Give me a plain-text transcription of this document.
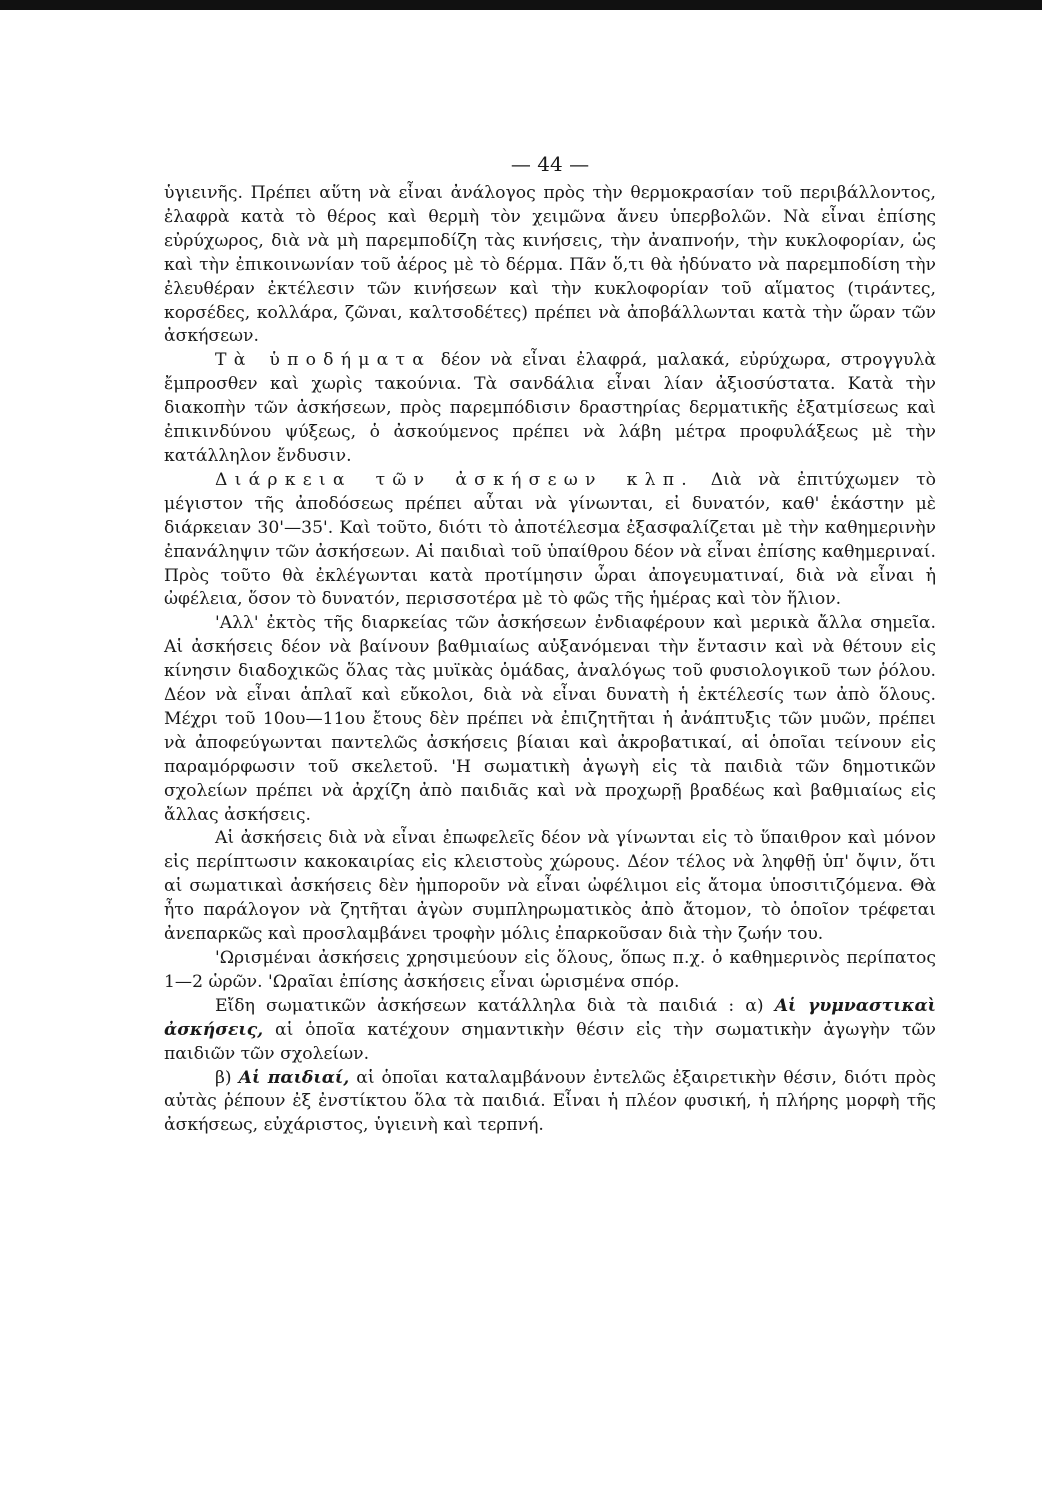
— 44 —

ὑγιεινῆς. Πρέπει αὕτη νὰ εἶναι ἀνάλογος πρὸς τὴν θερμοκρασίαν τοῦ περιβάλλοντος, ἐλαφρὰ κατὰ τὸ θέρος καὶ θερμὴ τὸν χειμῶνα ἄνευ ὑπερβολῶν. Νὰ εἶναι ἐπίσης εὐρύχωρος, διὰ νὰ μὴ παρεμποδίζη τὰς κινήσεις, τὴν ἀναπνοήν, τὴν κυκλοφορίαν, ὡς καὶ τὴν ἐπικοινωνίαν τοῦ ἀέρος μὲ τὸ δέρμα. Πᾶν ὅ,τι θὰ ἠδύνατο νὰ παρεμποδίση τὴν ἐλευθέραν ἐκτέλεσιν τῶν κινήσεων καὶ τὴν κυκλοφορίαν τοῦ αἵματος (τιράντες, κορσέδες, κολλάρα, ζῶναι, καλτσοδέτες) πρέπει νὰ ἀποβάλλωνται κατὰ τὴν ὥραν τῶν ἀσκήσεων.

Τὰ ὑποδήματα δέον νὰ εἶναι ἐλαφρά, μαλακά, εὐρύχωρα, στρογγυλὰ ἔμπροσθεν καὶ χωρὶς τακούνια. Τὰ σανδάλια εἶναι λίαν ἀξιοσύστατα. Κατὰ τὴν διακοπὴν τῶν ἀσκήσεων, πρὸς παρεμπόδισιν δραστηρίας δερματικῆς ἐξατμίσεως καὶ ἐπικινδύνου ψύξεως, ὁ ἀσκούμενος πρέπει νὰ λάβη μέτρα προφυλάξεως μὲ τὴν κατάλληλον ἔνδυσιν.

Διάρκεια τῶν ἀσκήσεων κλπ. Διὰ νὰ ἐπιτύχωμεν τὸ μέγιστον τῆς ἀποδόσεως πρέπει αὗται νὰ γίνωνται, εἰ δυνατόν, καθ' ἑκάστην μὲ διάρκειαν 30'—35'. Καὶ τοῦτο, διότι τὸ ἀποτέλεσμα ἐξασφαλίζεται μὲ τὴν καθημερινὴν ἐπανάληψιν τῶν ἀσκήσεων. Αἱ παιδιαὶ τοῦ ὑπαίθρου δέον νὰ εἶναι ἐπίσης καθημεριναί. Πρὸς τοῦτο θὰ ἐκλέγωνται κατὰ προτίμησιν ὧραι ἀπογευματιναί, διὰ νὰ εἶναι ἡ ὠφέλεια, ὅσον τὸ δυνατόν, περισσοτέρα μὲ τὸ φῶς τῆς ἡμέρας καὶ τὸν ἥλιον.

'Αλλ' ἐκτὸς τῆς διαρκείας τῶν ἀσκήσεων ἐνδιαφέρουν καὶ μερικὰ ἄλλα σημεῖα. Αἱ ἀσκήσεις δέον νὰ βαίνουν βαθμιαίως αὐξανόμεναι τὴν ἔντασιν καὶ νὰ θέτουν εἰς κίνησιν διαδοχικῶς ὅλας τὰς μυϊκὰς ὁμάδας, ἀναλόγως τοῦ φυσιολογικοῦ των ῥόλου. Δέον νὰ εἶναι ἁπλαῖ καὶ εὔκολοι, διὰ νὰ εἶναι δυνατὴ ἡ ἐκτέλεσίς των ἀπὸ ὅλους. Μέχρι τοῦ 10ου—11ου ἔτους δὲν πρέπει νὰ ἐπιζητῆται ἡ ἀνάπτυξις τῶν μυῶν, πρέπει νὰ ἀποφεύγωνται παντελῶς ἀσκήσεις βίαιαι καὶ ἀκροβατικαί, αἱ ὁποῖαι τείνουν εἰς παραμόρφωσιν τοῦ σκελετοῦ. 'Η σωματικὴ ἀγωγὴ εἰς τὰ παιδιὰ τῶν δημοτικῶν σχολείων πρέπει νὰ ἀρχίζη ἀπὸ παιδιᾶς καὶ νὰ προχωρῇ βραδέως καὶ βαθμιαίως εἰς ἄλλας ἀσκήσεις.

Αἱ ἀσκήσεις διὰ νὰ εἶναι ἐπωφελεῖς δέον νὰ γίνωνται εἰς τὸ ὕπαιθρον καὶ μόνον εἰς περίπτωσιν κακοκαιρίας εἰς κλειστοὺς χώρους. Δέον τέλος νὰ ληφθῇ ὑπ' ὄψιν, ὅτι αἱ σωματικαὶ ἀσκήσεις δὲν ἠμποροῦν νὰ εἶναι ὠφέλιμοι εἰς ἄτομα ὑποσιτιζόμενα. Θὰ ἦτο παράλογον νὰ ζητῆται ἀγὼν συμπληρωματικὸς ἀπὸ ἄτομον, τὸ ὁποῖον τρέφεται ἀνεπαρκῶς καὶ προσλαμβάνει τροφὴν μόλις ἐπαρκοῦσαν διὰ τὴν ζωήν του.

'Ωρισμέναι ἀσκήσεις χρησιμεύουν εἰς ὅλους, ὅπως π.χ. ὁ καθημερινὸς περίπατος 1—2 ὡρῶν. 'Ωραῖαι ἐπίσης ἀσκήσεις εἶναι ὡρισμένα σπόρ.

Εἴδη σωματικῶν ἀσκήσεων κατάλληλα διὰ τὰ παιδιά : α) Αἱ γυμναστικαὶ ἀσκήσεις, αἱ ὁποῖα κατέχουν σημαντικὴν θέσιν εἰς τὴν σωματικὴν ἀγωγὴν τῶν παιδιῶν τῶν σχολείων.

β) Αἱ παιδιαί, αἱ ὁποῖαι καταλαμβάνουν ἐντελῶς ἐξαιρετικὴν θέσιν, διότι πρὸς αὐτὰς ῥέπουν ἐξ ἐνστίκτου ὅλα τὰ παιδιά. Εἶναι ἡ πλέον φυσική, ἡ πλήρης μορφὴ τῆς ἀσκήσεως, εὐχάριστος, ὑγιεινὴ καὶ τερπνή.
